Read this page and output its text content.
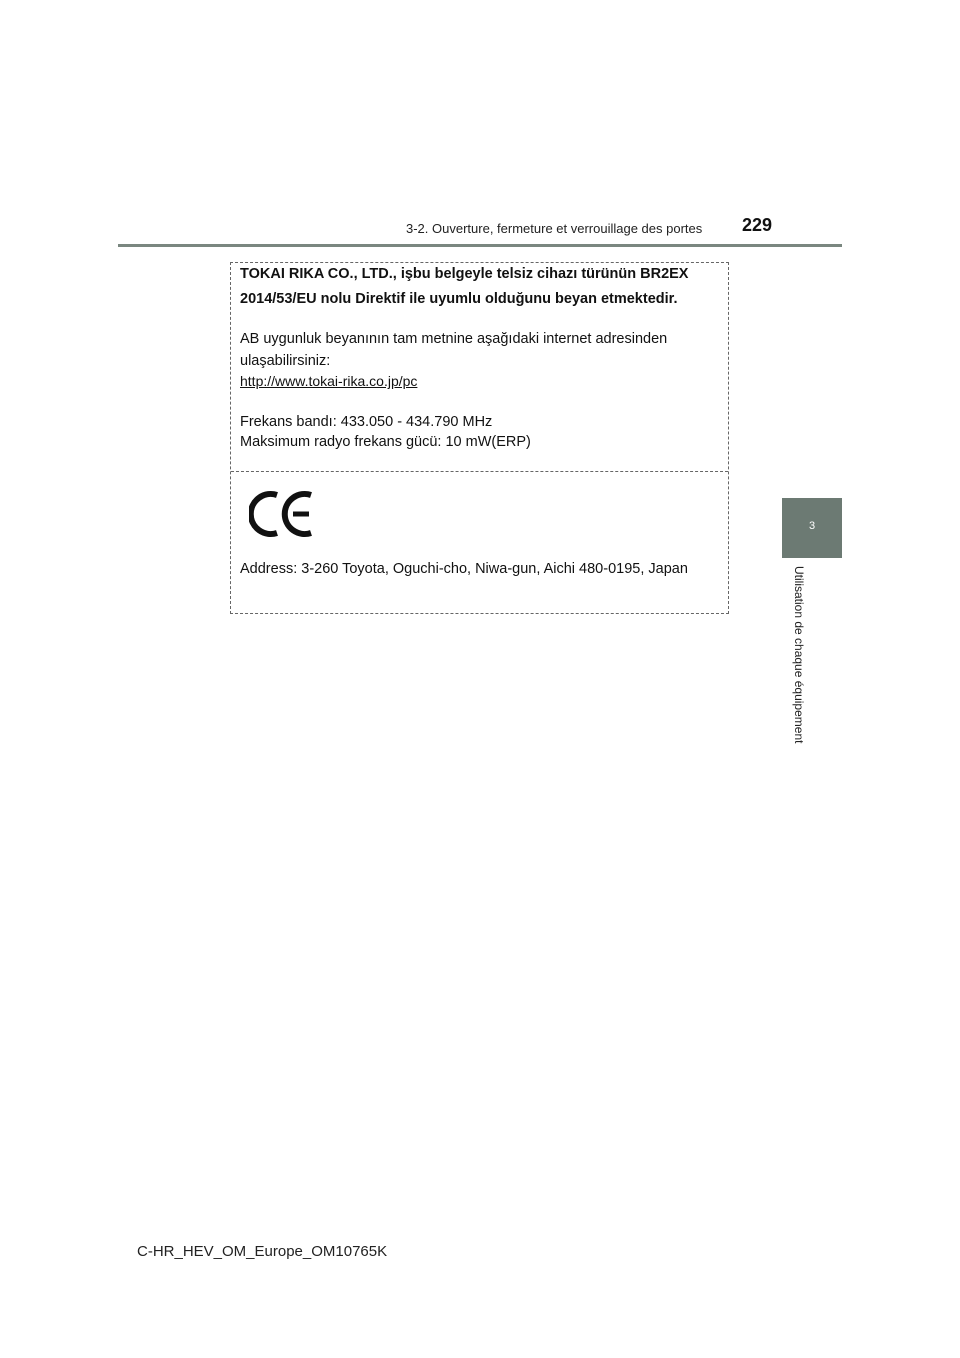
3-2. Ouverture, fermeture et verrouillage des portes 229
3
Utilisation de chaque équipement
TOKAI RIKA CO., LTD., işbu belgeyle telsiz cihazı türünün BR2EX
2014/53/EU nolu Direktif ile uyumlu olduğunu beyan etmektedir.
AB uygunluk beyanının tam metnine aşağıdaki internet adresinden
ulaşabilirsiniz:
http://www.tokai-rika.co.jp/pc
Frekans bandı: 433.050 - 434.790 MHz
Maksimum radyo frekans gücü: 10 mW(ERP)
Address: 3-260 Toyota, Oguchi-cho, Niwa-gun, Aichi 480-0195, Japan
C-HR_HEV_OM_Europe_OM10765K
